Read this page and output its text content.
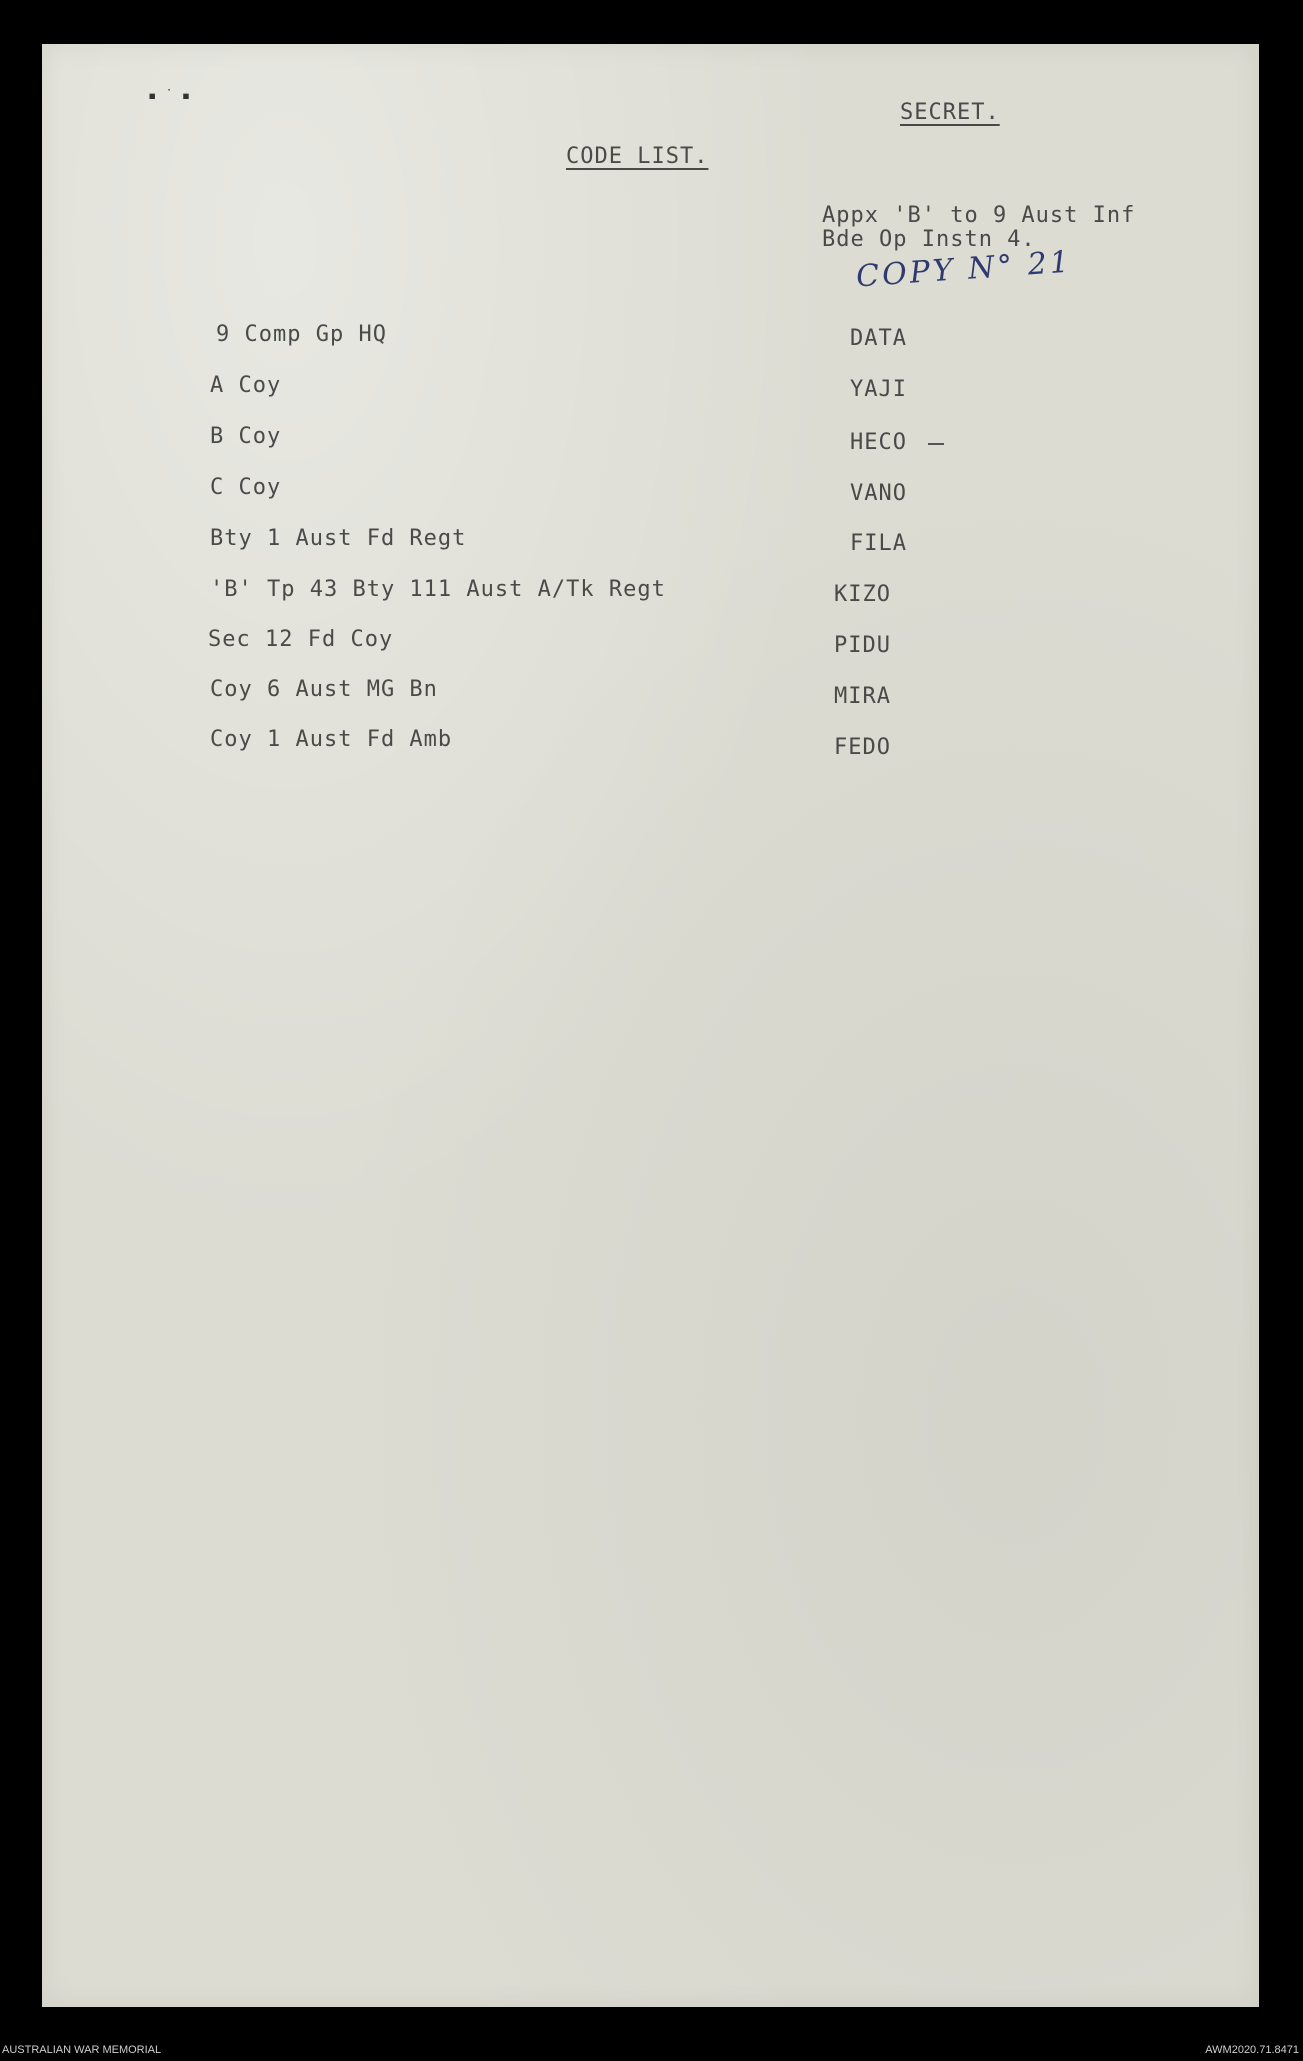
▪ ˙ ▪
SECRET.
CODE LIST.
Appx 'B' to 9 Aust Inf
Bde Op Instn 4.
COPY N° 21
9 Comp Gp HQ	DATA
A Coy	YAJI
B Coy	HECO
C Coy	VANO
Bty 1 Aust Fd Regt	FILA
'B' Tp 43 Bty 111 Aust A/Tk Regt	KIZO
Sec 12 Fd Coy	PIDU
Coy 6 Aust MG Bn	MIRA
Coy 1 Aust Fd Amb	FEDO
AUSTRALIAN WAR MEMORIAL	AWM2020.71.8471
